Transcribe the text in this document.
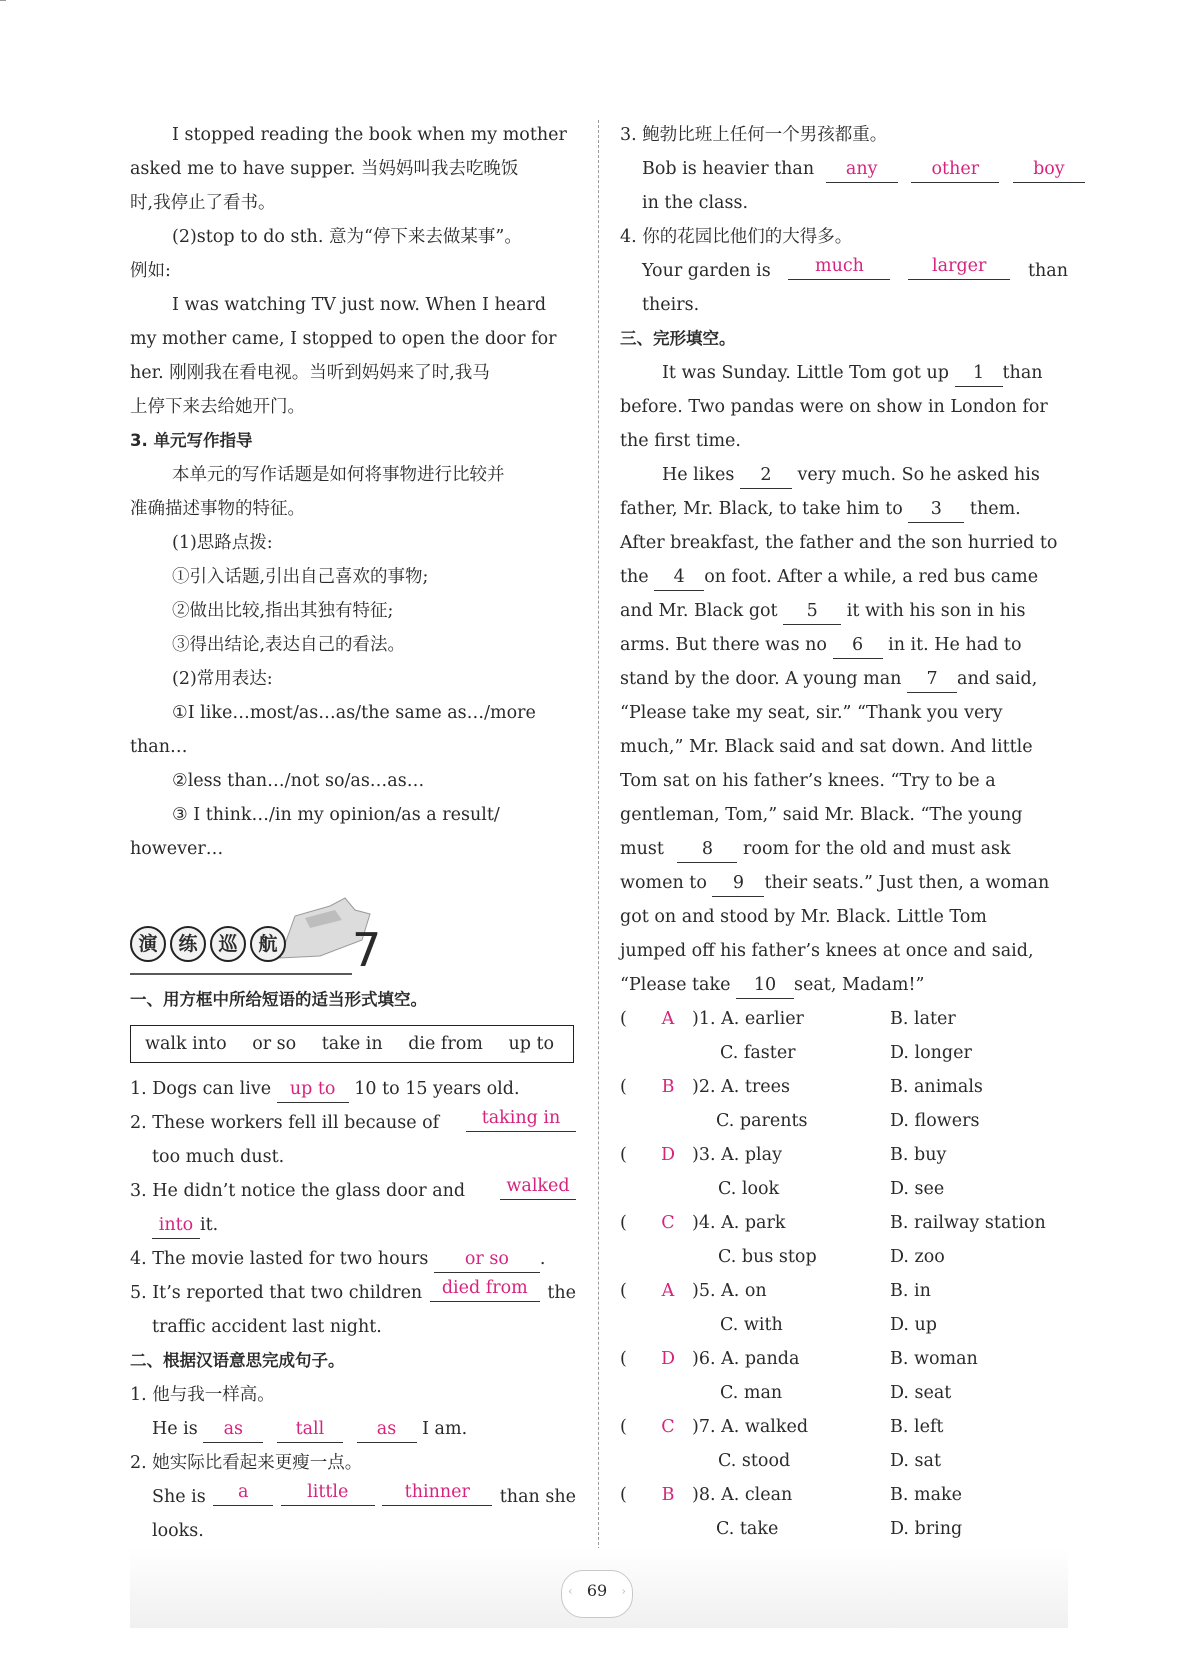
I stopped reading the book when my mother
asked me to have supper. 当妈妈叫我去吃晚饭
时,我停止了看书。
(2)stop to do sth. 意为“停下来去做某事”。
例如:
I was watching TV just now. When I heard
my mother came, I stopped to open the door for
her. 刚刚我在看电视。当听到妈妈来了时,我马
上停下来去给她开门。
3. 单元写作指导
本单元的写作话题是如何将事物进行比较并
准确描述事物的特征。
(1)思路点拨:
①引入话题,引出自己喜欢的事物;
②做出比较,指出其独有特征;
③得出结论,表达自己的看法。
(2)常用表达:
①I like…most/as…as/the same as…/more
than…
②less than…/not so/as…as…
③ I think…/in my opinion/as a result/
however…
演	练	巡	航 7
一、用方框中所给短语的适当形式填空。
walk into or so take in die from up to
1. Dogs can live up to 10 to 15 years old.
2. These workers fell ill because of	taking in
too much dust.
3. He didn’t notice the glass door and	walked
into it.
4. The movie lasted for two hours or so .
5. It’s reported that two children	died from	the
traffic accident last night.
二、根据汉语意思完成句子。
1. 他与我一样高。
He is as	tall	as I am.
2. 她实际比看起来更瘦一点。
She is	a	little	thinner	than she
looks.
3. 鲍勃比班上任何一个男孩都重。
Bob is heavier than any	other	boy
in the class.
4. 你的花园比他们的大得多。
Your garden is	much	larger	than
theirs.
三、完形填空。
It was Sunday. Little Tom got up 1 than
before. Two pandas were on show in London for
the first time.
He likes 2 very much. So he asked his
father, Mr. Black, to take him to 3 them.
After breakfast, the father and the son hurried to
the 4 on foot. After a while, a red bus came
and Mr. Black got 5 it with his son in his
arms. But there was no 6 in it. He had to
stand by the door. A young man 7 and said,
“Please take my seat, sir.” “Thank you very
much,” Mr. Black said and sat down. And little
Tom sat on his father’s knees. “Try to be a
gentleman, Tom,” said Mr. Black. “The young
must 8 room for the old and must ask
women to 9 their seats.” Just then, a woman
got on and stood by Mr. Black. Little Tom
jumped off his father’s knees at once and said,
“Please take 10 seat, Madam!”
(	A	)1. A. earlier	B. later
C. faster	D. longer
(	B	)2. A. trees	B. animals
C. parents	D. flowers
(	D )3. A. play	B. buy
C. look	D. see
(	C )4. A. park	B. railway station
C. bus stop	D. zoo
(	A	)5. A. on	B. in
C. with	D. up
(	D )6. A. panda	B. woman
C. man	D. seat
(	C )7. A. walked	B. left
C. stood	D. sat
(	B	)8. A. clean	B. make
C. take	D. bring
69
‹	›
